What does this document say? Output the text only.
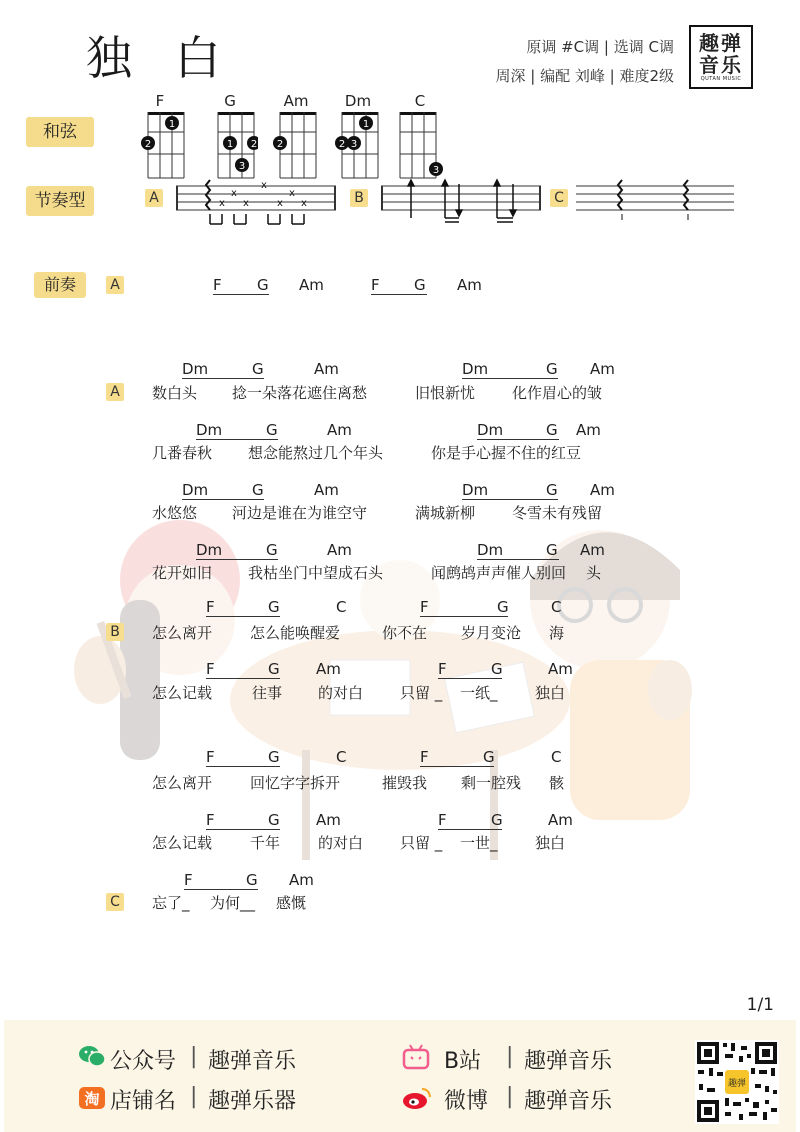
独 白	原调 #C调 | 选调 C调
周深 | 编配 刘峰 | 难度2级
趣弹
音乐
QUTAN MUSIC
和弦
F
2
1
G
1 2
3
Am
2
Dm
2 3
1
C
3
节奏型	A	x
x
x
x
x
x
x	B	C
前奏	A	F G Am	F G Am
A
Dm	G	Am	Dm	G Am
数白头 捻一朵落花遮住离愁	旧恨新忧 化作眉心的皱
Dm	G	Am	Dm	G Am
几番春秋 想念能熬过几个年头	你是手心握不住的红豆
Dm	G	Am	Dm	G Am
水悠悠 河边是谁在为谁空守	满城新柳 冬雪未有残留
Dm	G	Am	Dm	G Am
花开如旧 我枯坐门中望成石头	闻鹧鸪声声催人别回 头
B
F	G	C	F	G	C
怎么离开	怎么能唤醒爱	你不在 岁月变沧 海
F	G Am	F	G	Am
怎么记载	往事 的对白 只留 _ 一纸_ 独白
F	G	C	F	G	C
怎么离开	回忆字字拆开	摧毁我 剩一腔残 骸
F	G Am	F	G	Am
怎么记载	千年	的对白 只留 _ 一世_ 独白
C
F	G Am
忘了_ 为何__ 感慨
1/1
公众号 | 趣弹音乐	B站 | 趣弹音乐
淘 店铺名 | 趣弹乐器	微博 | 趣弹音乐
趣弹
